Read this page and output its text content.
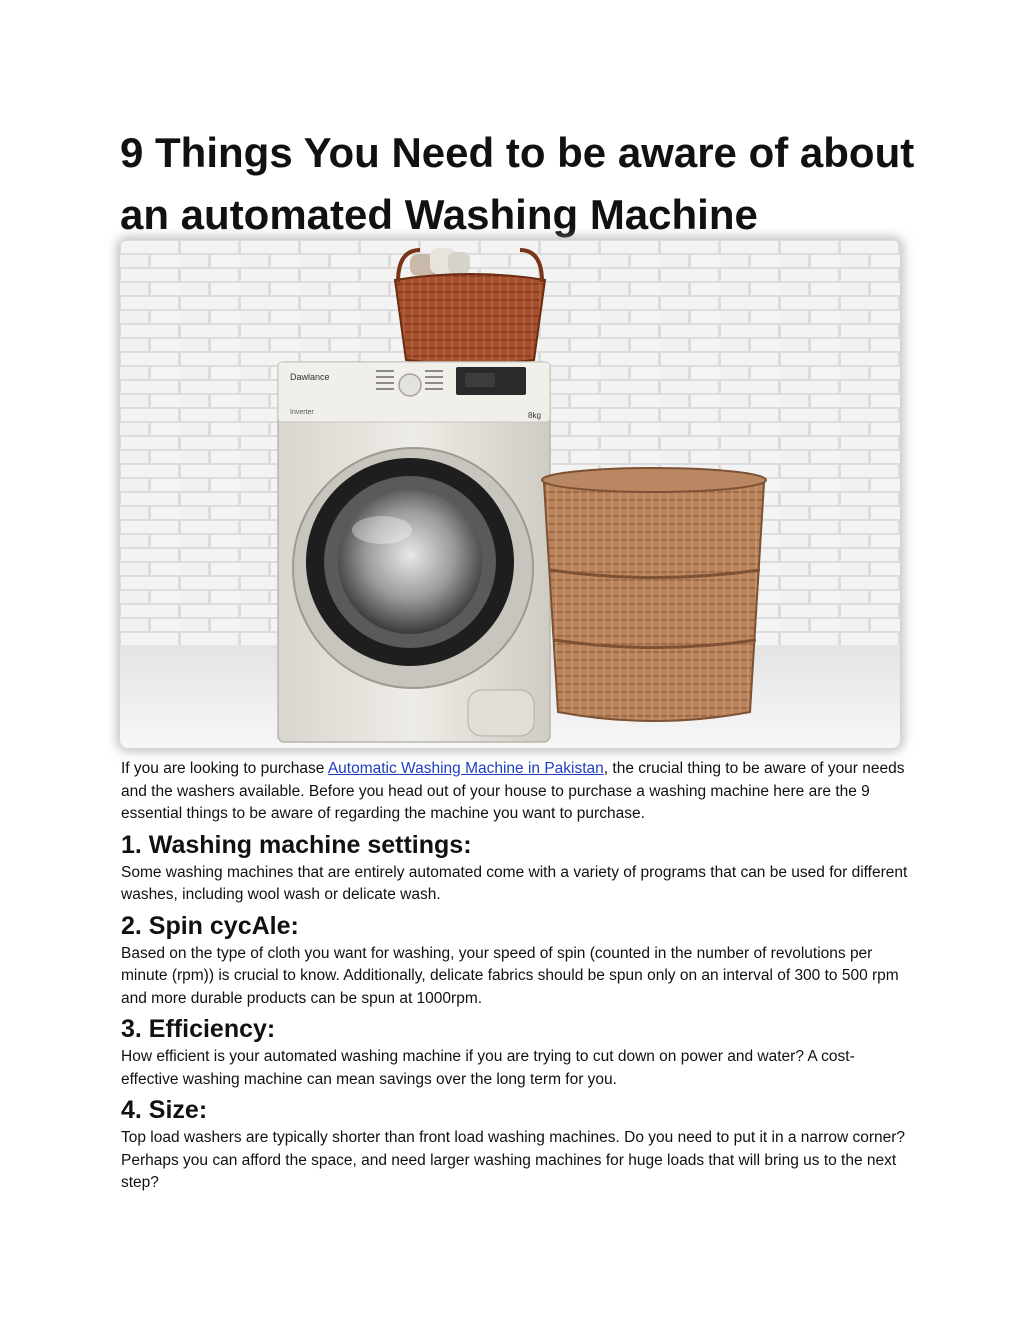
9 Things You Need to be aware of about an automated Washing Machine
Dawlance
Inverter	8kg

If you are looking to purchase Automatic Washing Machine in Pakistan, the crucial thing to be aware of your needs and the washers available. Before you head out of your house to purchase a washing machine here are the 9 essential things to be aware of regarding the machine you want to purchase.

1. Washing machine settings:

Some washing machines that are entirely automated come with a variety of programs that can be used for different washes, including wool wash or delicate wash.

2. Spin cycAle:

Based on the type of cloth you want for washing, your speed of spin (counted in the number of revolutions per minute (rpm)) is crucial to know. Additionally, delicate fabrics should be spun only on an interval of 300 to 500 rpm and more durable products can be spun at 1000rpm.

3. Efficiency:

How efficient is your automated washing machine if you are trying to cut down on power and water? A cost-effective washing machine can mean savings over the long term for you.

4. Size:

Top load washers are typically shorter than front load washing machines. Do you need to put it in a narrow corner? Perhaps you can afford the space, and need larger washing machines for huge loads that will bring us to the next step?
